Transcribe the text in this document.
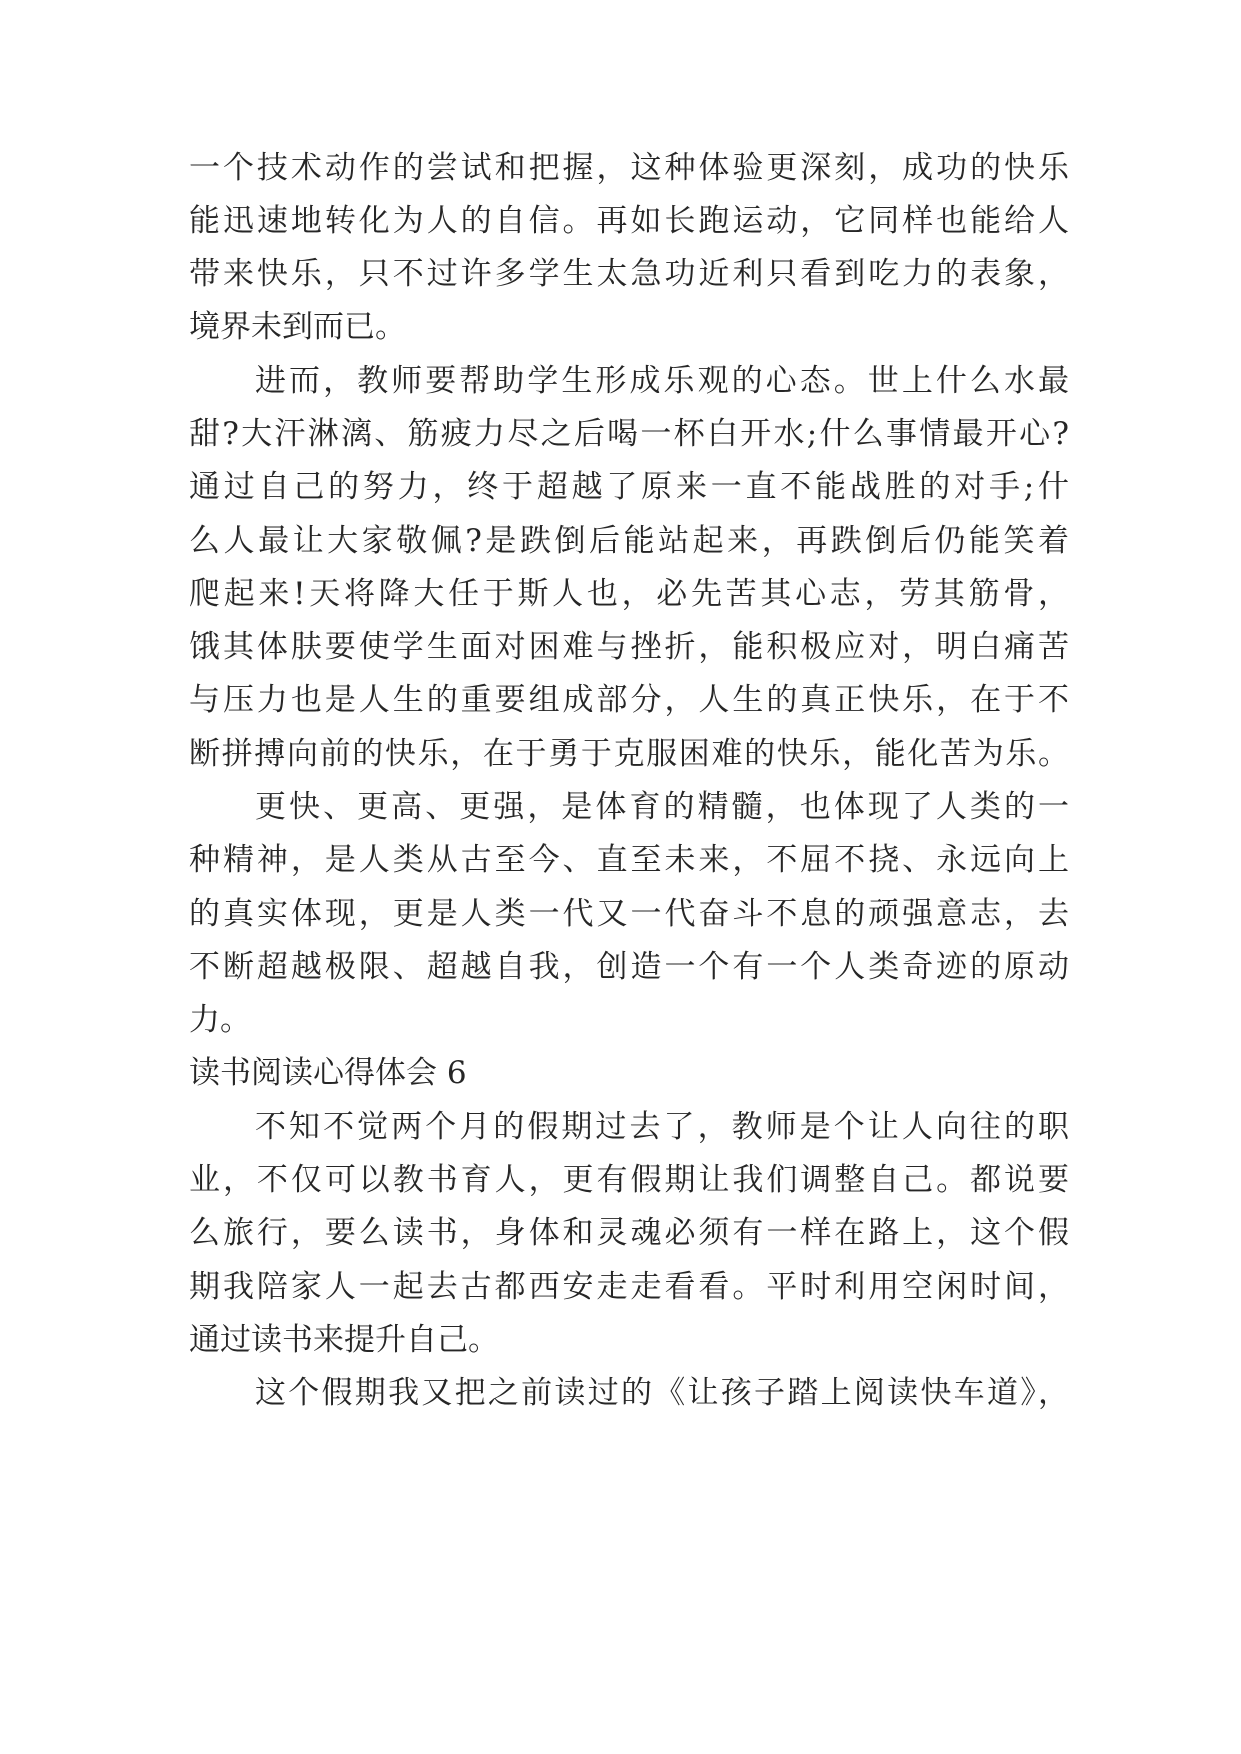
一个技术动作的尝试和把握，这种体验更深刻，成功的快乐
能迅速地转化为人的自信。再如长跑运动，它同样也能给人
带来快乐，只不过许多学生太急功近利只看到吃力的表象，
境界未到而已。
进而，教师要帮助学生形成乐观的心态。世上什么水最
甜?大汗淋漓、筋疲力尽之后喝一杯白开水;什么事情最开心?
通过自己的努力，终于超越了原来一直不能战胜的对手;什
么人最让大家敬佩?是跌倒后能站起来，再跌倒后仍能笑着
爬起来!天将降大任于斯人也，必先苦其心志，劳其筋骨，
饿其体肤要使学生面对困难与挫折，能积极应对，明白痛苦
与压力也是人生的重要组成部分，人生的真正快乐，在于不
断拼搏向前的快乐，在于勇于克服困难的快乐，能化苦为乐。
更快、更高、更强，是体育的精髓，也体现了人类的一
种精神，是人类从古至今、直至未来，不屈不挠、永远向上
的真实体现，更是人类一代又一代奋斗不息的顽强意志，去
不断超越极限、超越自我，创造一个有一个人类奇迹的原动
力。
读书阅读心得体会 6
不知不觉两个月的假期过去了，教师是个让人向往的职
业，不仅可以教书育人，更有假期让我们调整自己。都说要
么旅行，要么读书，身体和灵魂必须有一样在路上，这个假
期我陪家人一起去古都西安走走看看。平时利用空闲时间，
通过读书来提升自己。
这个假期我又把之前读过的《让孩子踏上阅读快车道》，
